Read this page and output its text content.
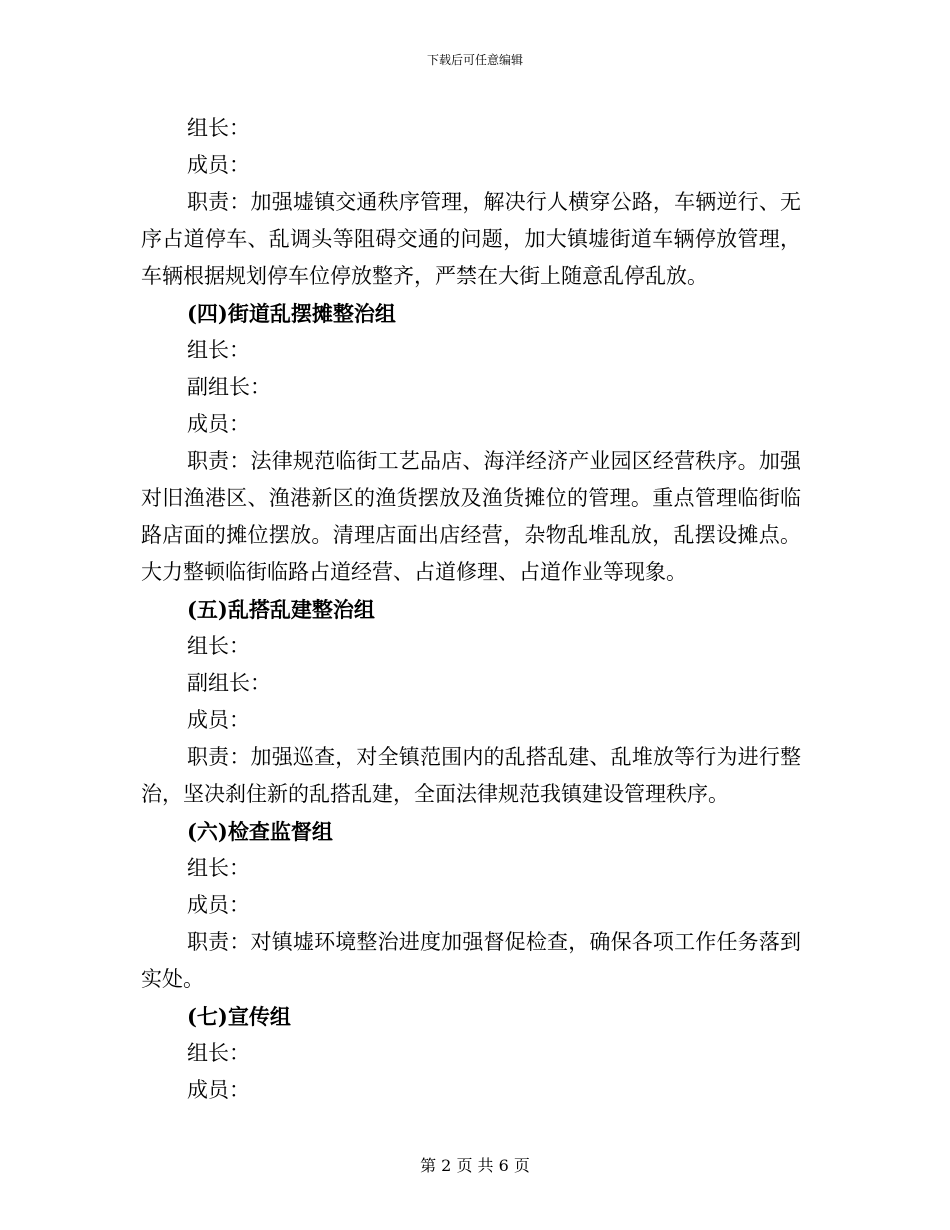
下载后可任意编辑
组长：
成员：
职责：加强墟镇交通秩序管理，解决行人横穿公路，车辆逆行、无序占道停车、乱调头等阻碍交通的问题，加大镇墟街道车辆停放管理，车辆根据规划停车位停放整齐，严禁在大街上随意乱停乱放。
(四)街道乱摆摊整治组
组长：
副组长：
成员：
职责：法律规范临街工艺品店、海洋经济产业园区经营秩序。加强对旧渔港区、渔港新区的渔货摆放及渔货摊位的管理。重点管理临街临路店面的摊位摆放。清理店面出店经营，杂物乱堆乱放，乱摆设摊点。大力整顿临街临路占道经营、占道修理、占道作业等现象。
(五)乱搭乱建整治组
组长：
副组长：
成员：
职责：加强巡查，对全镇范围内的乱搭乱建、乱堆放等行为进行整治，坚决刹住新的乱搭乱建，全面法律规范我镇建设管理秩序。
(六)检查监督组
组长：
成员：
职责：对镇墟环境整治进度加强督促检查，确保各项工作任务落到实处。
(七)宣传组
组长：
成员：
第 2 页 共 6 页
